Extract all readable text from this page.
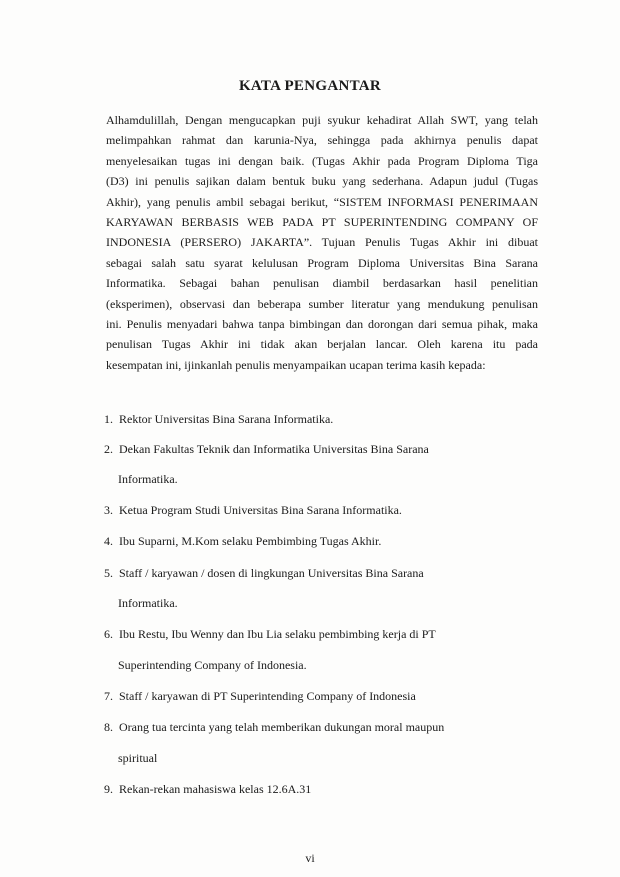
KATA PENGANTAR
Alhamdulillah, Dengan mengucapkan puji syukur kehadirat Allah SWT, yang telah
melimpahkan rahmat dan karunia-Nya, sehingga pada akhirnya penulis dapat
menyelesaikan tugas ini dengan baik. (Tugas Akhir pada Program Diploma Tiga
(D3) ini penulis sajikan dalam bentuk buku yang sederhana. Adapun judul (Tugas
Akhir), yang penulis ambil sebagai berikut, “SISTEM INFORMASI PENERIMAAN
KARYAWAN BERBASIS WEB PADA PT SUPERINTENDING COMPANY OF
INDONESIA (PERSERO) JAKARTA”. Tujuan Penulis Tugas Akhir ini dibuat
sebagai salah satu syarat kelulusan Program Diploma Universitas Bina Sarana
Informatika. Sebagai bahan penulisan diambil berdasarkan hasil penelitian
(eksperimen), observasi dan beberapa sumber literatur yang mendukung penulisan
ini. Penulis menyadari bahwa tanpa bimbingan dan dorongan dari semua pihak, maka
penulisan Tugas Akhir ini tidak akan berjalan lancar. Oleh karena itu pada
kesempatan ini, ijinkanlah penulis menyampaikan ucapan terima kasih kepada:
1. Rektor Universitas Bina Sarana Informatika.
2. Dekan Fakultas Teknik dan Informatika Universitas Bina Sarana
Informatika.
3. Ketua Program Studi Universitas Bina Sarana Informatika.
4. Ibu Suparni, M.Kom selaku Pembimbing Tugas Akhir.
5. Staff / karyawan / dosen di lingkungan Universitas Bina Sarana
Informatika.
6. Ibu Restu, Ibu Wenny dan Ibu Lia selaku pembimbing kerja di PT
Superintending Company of Indonesia.
7. Staff / karyawan di PT Superintending Company of Indonesia
8. Orang tua tercinta yang telah memberikan dukungan moral maupun
spiritual
9. Rekan-rekan mahasiswa kelas 12.6A.31
vi
